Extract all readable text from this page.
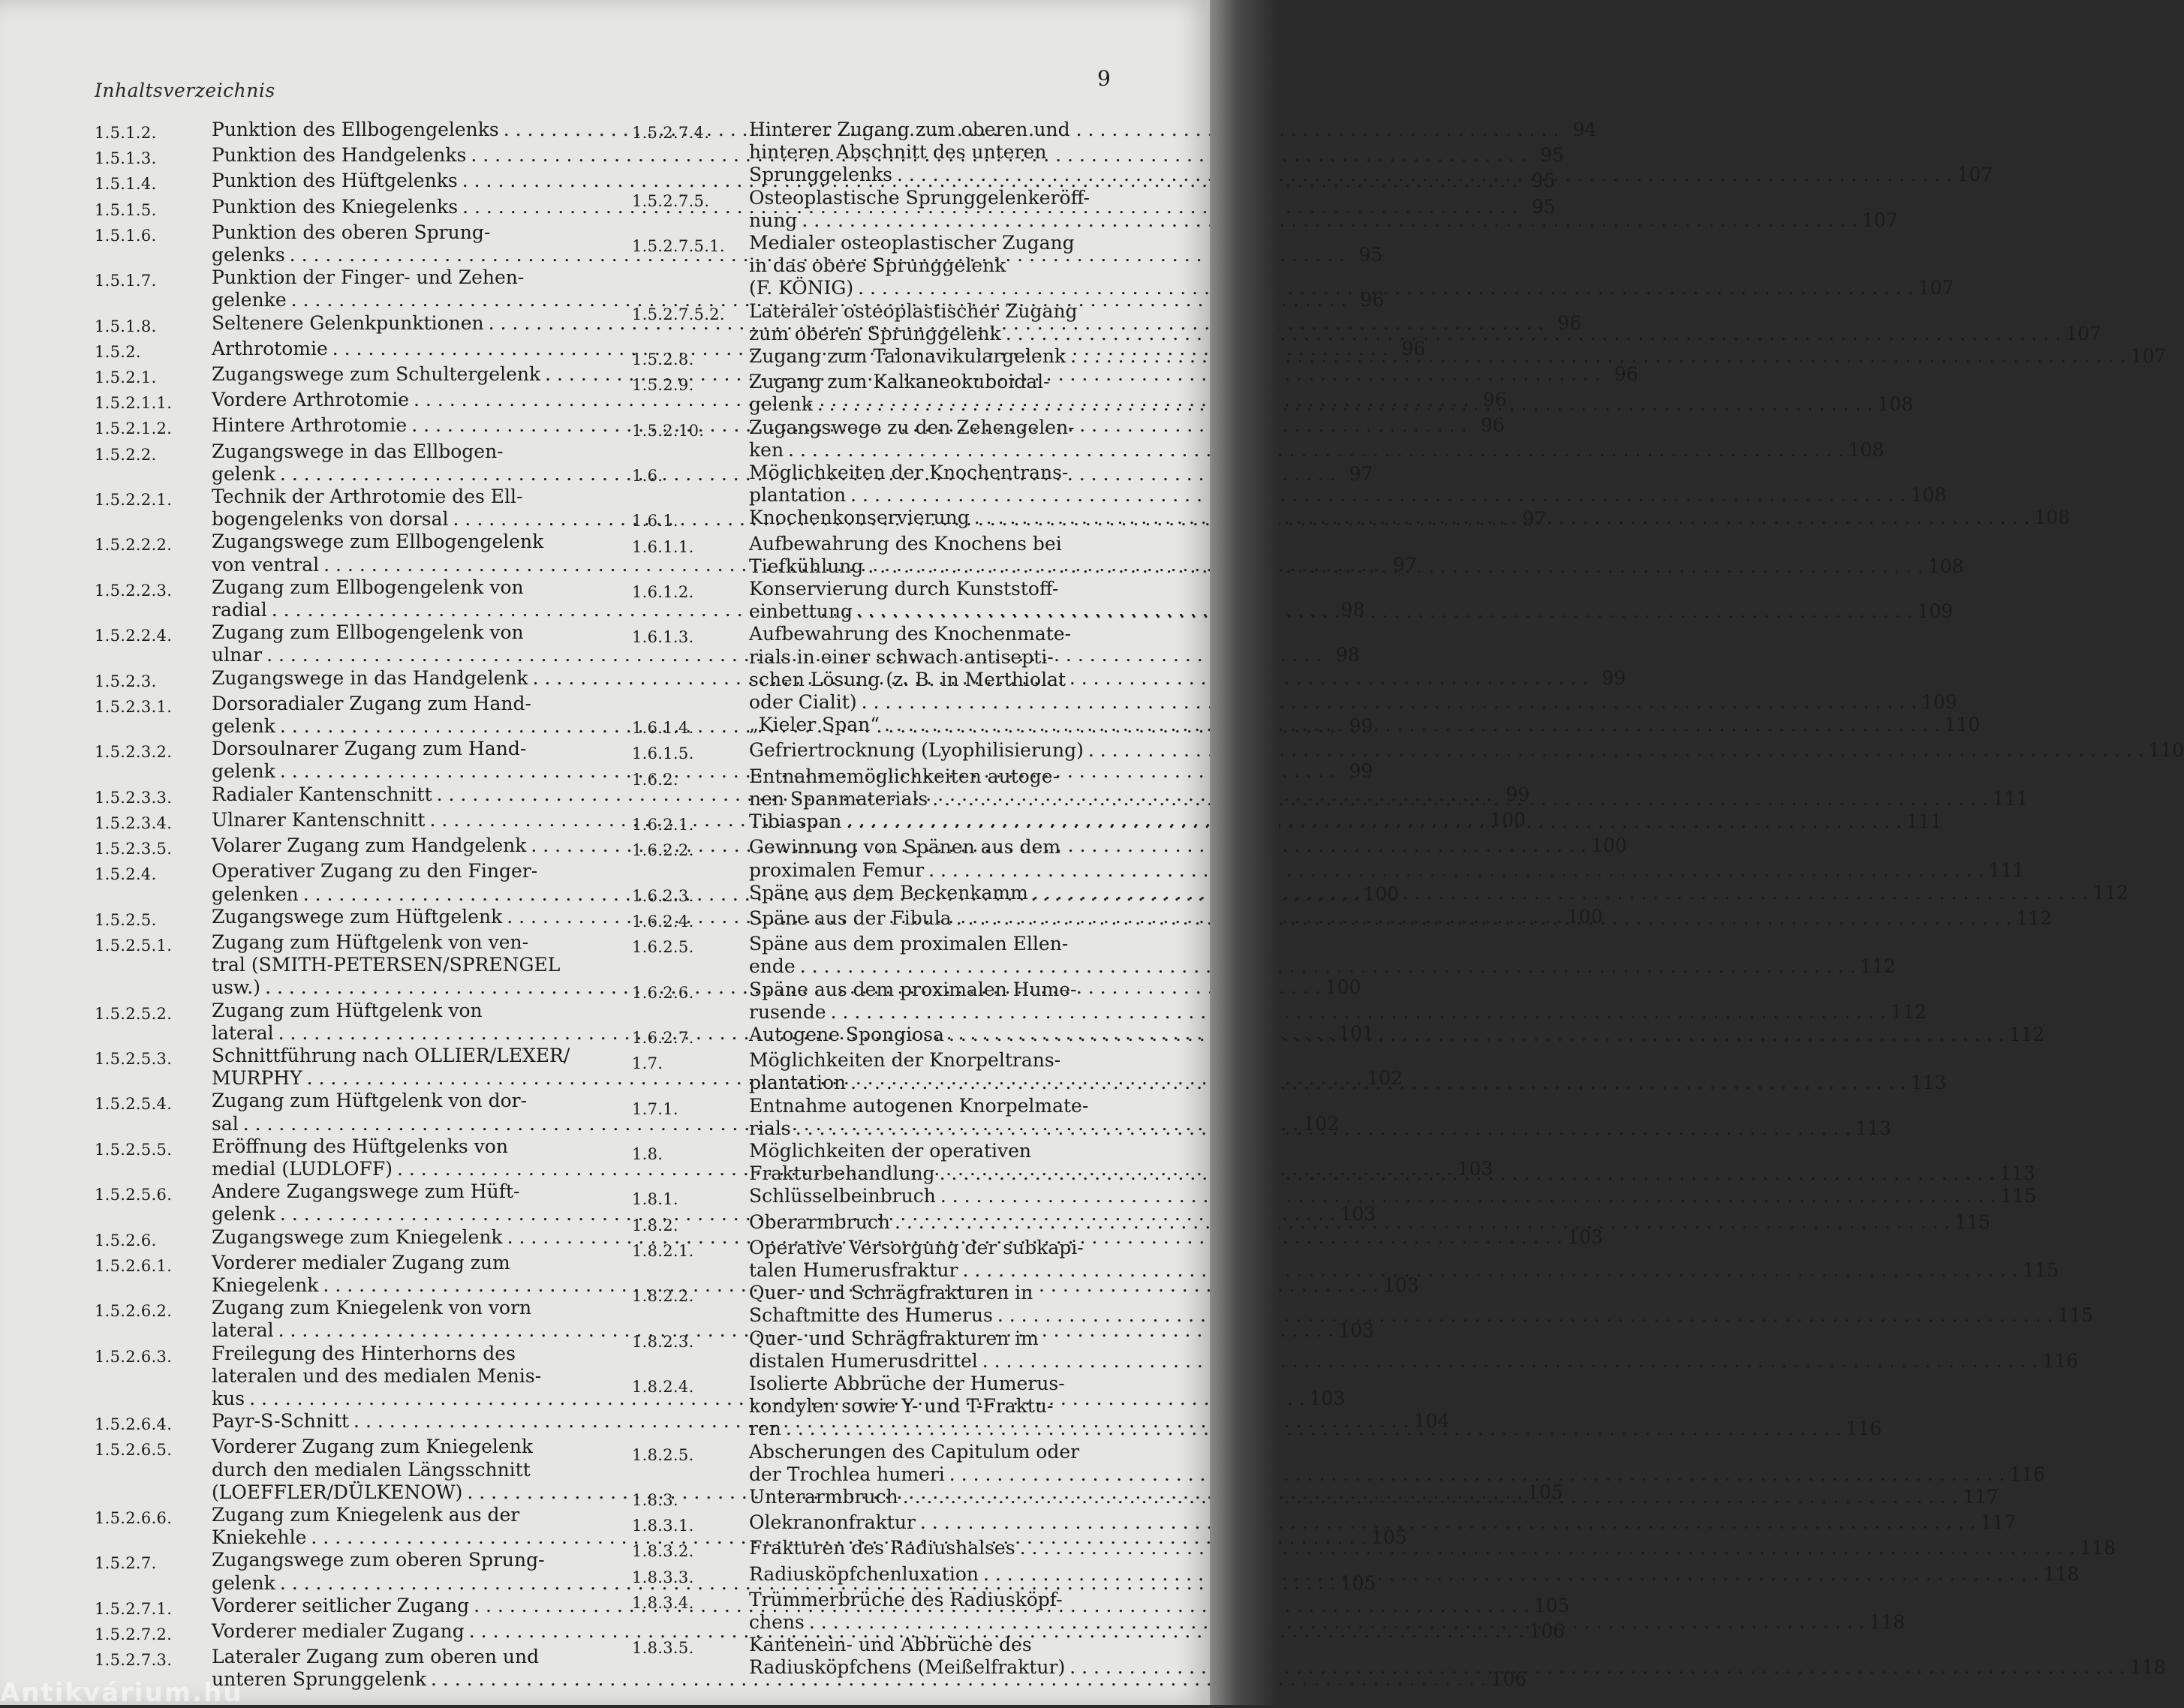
Inhaltsverzeichnis	9
1.5.1.2.	Punktion des Ellbogengelenks . . .	94
1.5.1.3.	Punktion des Handgelenks . . .	95
1.5.1.4.	Punktion des Hüftgelenks . . .	95
1.5.1.5.	Punktion des Kniegelenks . . .	95
1.5.1.6.	Punktion des oberen Sprung-
gelenks . . .	95
1.5.1.7.	Punktion der Finger- und Zehen-
gelenke . . .	96
1.5.1.8.	Seltenere Gelenkpunktionen . . .	96
1.5.2.	Arthrotomie . . .	96
1.5.2.1.	Zugangswege zum Schultergelenk . . .	96
1.5.2.1.1.	Vordere Arthrotomie . . .	96
1.5.2.1.2.	Hintere Arthrotomie . . .	96
1.5.2.2.	Zugangswege in das Ellbogen-
gelenk . . .	97
1.5.2.2.1.	Technik der Arthrotomie des Ell-
bogengelenks von dorsal . . .	97
1.5.2.2.2.	Zugangswege zum Ellbogengelenk
von ventral . . .	97
1.5.2.2.3.	Zugang zum Ellbogengelenk von
radial . . .	98
1.5.2.2.4.	Zugang zum Ellbogengelenk von
ulnar . . .	98
1.5.2.3.	Zugangswege in das Handgelenk . . .	99
1.5.2.3.1.	Dorsoradialer Zugang zum Hand-
gelenk . . .	99
1.5.2.3.2.	Dorsoulnarer Zugang zum Hand-
gelenk . . .	99
1.5.2.3.3.	Radialer Kantenschnitt . . .	99
1.5.2.3.4.	Ulnarer Kantenschnitt . . .	100
1.5.2.3.5.	Volarer Zugang zum Handgelenk . . .	100
1.5.2.4.	Operativer Zugang zu den Finger-
gelenken . . .	100
1.5.2.5.	Zugangswege zum Hüftgelenk . . .	100
1.5.2.5.1.	Zugang zum Hüftgelenk von ven-
tral (SMITH-PETERSEN/SPRENGEL
usw.) . . .	100
1.5.2.5.2.	Zugang zum Hüftgelenk von
lateral . . .	101
1.5.2.5.3.	Schnittführung nach OLLIER/LEXER/
MURPHY . . .	102
1.5.2.5.4.	Zugang zum Hüftgelenk von dor-
sal . . .	102
1.5.2.5.5.	Eröffnung des Hüftgelenks von
medial (LUDLOFF) . . .	103
1.5.2.5.6.	Andere Zugangswege zum Hüft-
gelenk . . .	103
1.5.2.6.	Zugangswege zum Kniegelenk . . .	103
1.5.2.6.1.	Vorderer medialer Zugang zum
Kniegelenk . . .	103
1.5.2.6.2.	Zugang zum Kniegelenk von vorn
lateral . . .	103
1.5.2.6.3.	Freilegung des Hinterhorns des
lateralen und des medialen Menis-
kus . . .	103
1.5.2.6.4.	Payr-S-Schnitt . . .	104
1.5.2.6.5.	Vorderer Zugang zum Kniegelenk
durch den medialen Längsschnitt
(LOEFFLER/DÜLKENOW) . . .	105
1.5.2.6.6.	Zugang zum Kniegelenk aus der
Kniekehle . . .	105
1.5.2.7.	Zugangswege zum oberen Sprung-
gelenk . . .	105
1.5.2.7.1.	Vorderer seitlicher Zugang . . .	105
1.5.2.7.2.	Vorderer medialer Zugang . . .	106
1.5.2.7.3.	Lateraler Zugang zum oberen und
unteren Sprunggelenk . . .	106
1.5.2.7.4.	Hinterer Zugang zum oberen und
hinteren Abschnitt des unteren
Sprunggelenks . . .	107
1.5.2.7.5.	Osteoplastische Sprunggelenkeröff-
nung . . .	107
1.5.2.7.5.1.	Medialer osteoplastischer Zugang
in das obere Sprunggelenk
(F. KÖNIG) . . .	107
1.5.2.7.5.2.	Lateraler osteoplastischer Zugang
zum oberen Sprunggelenk . . .	107
1.5.2.8.	Zugang zum Talonavikulargelenk . . .	107
1.5.2.9.	Zugang zum Kalkaneokuboidal-
gelenk . . .	108
1.5.2.10.	Zugangswege zu den Zehengelen-
ken . . .	108
1.6.	Möglichkeiten der Knochentrans-
plantation . . .	108
1.6.1.	Knochenkonservierung . . .	108
1.6.1.1.	Aufbewahrung des Knochens bei
Tiefkühlung . . .	108
1.6.1.2.	Konservierung durch Kunststoff-
einbettung . . .	109
1.6.1.3.	Aufbewahrung des Knochenmate-
rials in einer schwach antisepti-
schen Lösung (z. B. in Merthiolat
oder Cialit) . . .	109
1.6.1.4.	„Kieler Span“ . . .	110
1.6.1.5.	Gefriertrocknung (Lyophilisierung) . . .	110
1.6.2.	Entnahmemöglichkeiten autoge-
nen Spanmaterials . . .	111
1.6.2.1.	Tibiaspan . . .	111
1.6.2.2.	Gewinnung von Spänen aus dem
proximalen Femur . . .	111
1.6.2.3.	Späne aus dem Beckenkamm . . .	112
1.6.2.4.	Späne aus der Fibula . . .	112
1.6.2.5.	Späne aus dem proximalen Ellen-
ende . . .	112
1.6.2.6.	Späne aus dem proximalen Hume-
rusende . . .	112
1.6.2.7.	Autogene Spongiosa . . .	112
1.7.	Möglichkeiten der Knorpeltrans-
plantation . . .	113
1.7.1.	Entnahme autogenen Knorpelmate-
rials . . .	113
1.8.	Möglichkeiten der operativen
Frakturbehandlung . . .	113
1.8.1.	Schlüsselbeinbruch . . .	115
1.8.2.	Oberarmbruch . . .	115
1.8.2.1.	Operative Versorgung der subkapi-
talen Humerusfraktur . . .	115
1.8.2.2.	Quer- und Schrägfrakturen in
Schaftmitte des Humerus . . .	115
1.8.2.3.	Quer- und Schrägfrakturen im
distalen Humerusdrittel . . .	116
1.8.2.4.	Isolierte Abbrüche der Humerus-
kondylen sowie Y- und T-Fraktu-
ren . . .	116
1.8.2.5.	Abscherungen des Capitulum oder
der Trochlea humeri . . .	116
1.8.3.	Unterarmbruch . . .	117
1.8.3.1.	Olekranonfraktur . . .	117
1.8.3.2.	Frakturen des Radiushalses . . .	118
1.8.3.3.	Radiusköpfchenluxation . . .	118
1.8.3.4.	Trümmerbrüche des Radiusköpf-
chens . . .	118
1.8.3.5.	Kantenein- und Abbrüche des
Radiusköpfchens (Meißelfraktur) . . .	118
Antikvárium.hu
